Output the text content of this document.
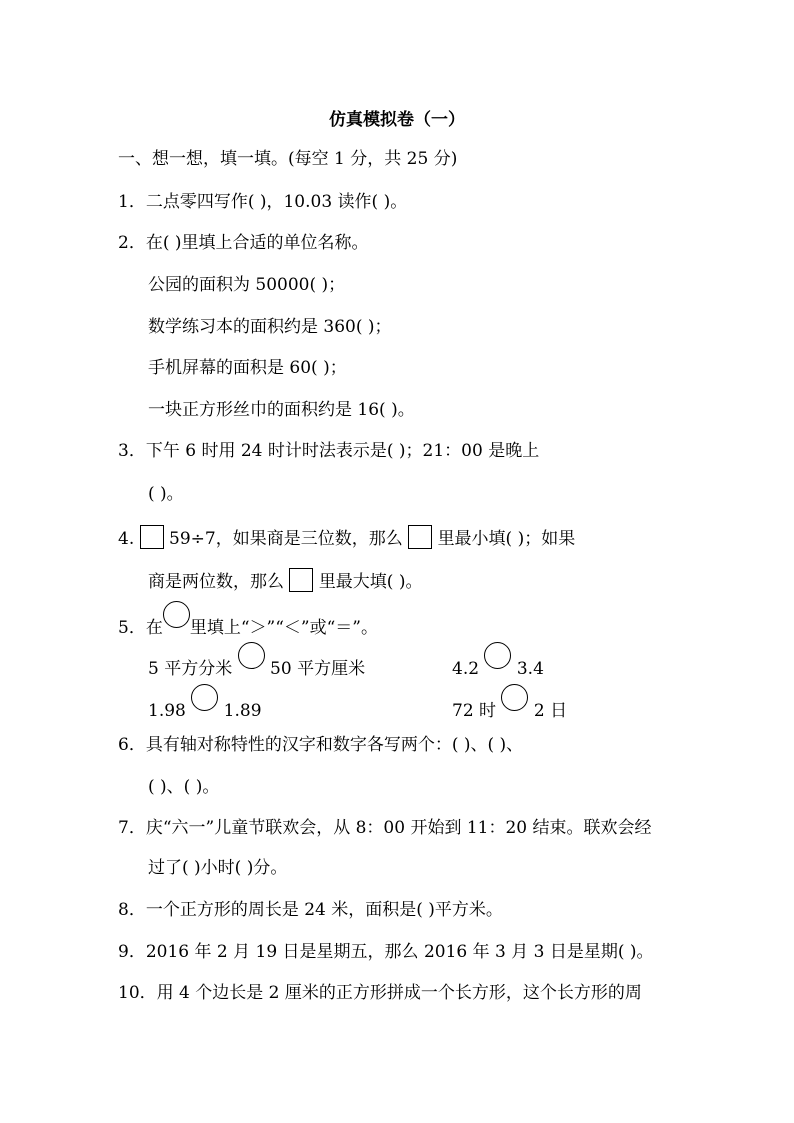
仿真模拟卷（一）
一、想一想，填一填。(每空 1 分，共 25 分)
1．二点零四写作( )，10.03 读作( )。
2．在( )里填上合适的单位名称。
公园的面积为 50000( )；
数学练习本的面积约是 360( )；
手机屏幕的面积是 60( )；
一块正方形丝巾的面积约是 16( )。
3．下午 6 时用 24 时计时法表示是( )；21：00 是晚上
( )。
4. 59÷7，如果商是三位数，那么 里最小填( )；如果
商是两位数，那么 里最大填( )。
5．在 里填上“＞”“＜”或“＝”。
5 平方分米 50 平方厘米	4.2 3.4
1.98 1.89	72 时 2 日
6．具有轴对称特性的汉字和数字各写两个：( )、( )、
( )、( )。
7．庆“六一”儿童节联欢会，从 8：00 开始到 11：20 结束。联欢会经
过了( )小时( )分。
8．一个正方形的周长是 24 米，面积是( )平方米。
9．2016 年 2 月 19 日是星期五，那么 2016 年 3 月 3 日是星期( )。
10．用 4 个边长是 2 厘米的正方形拼成一个长方形，这个长方形的周
